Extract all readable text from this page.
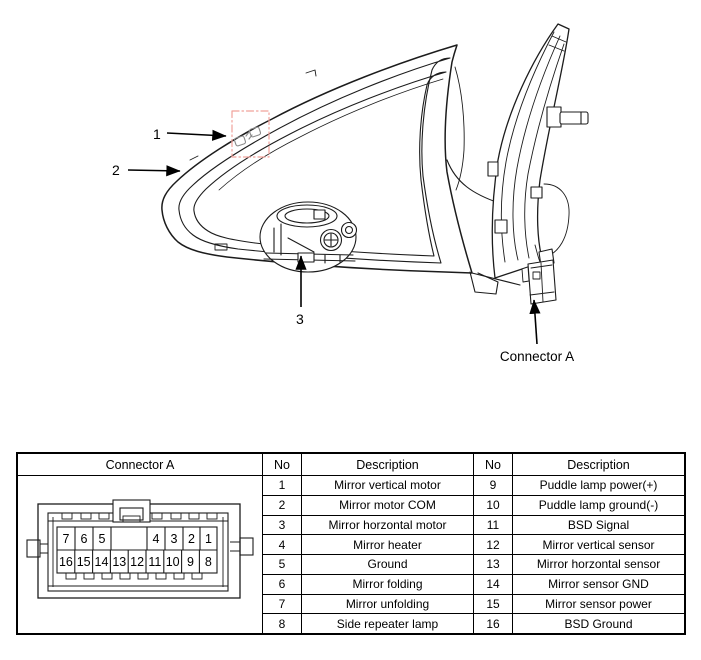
1
2
3
Connector A
Connector A
7 6 5	4 3 2 1
16 15 14 13 12 11 10 9 8
No	Description	No	Description
1	Mirror vertical motor	9	Puddle lamp power(+)
2	Mirror motor COM	10	Puddle lamp ground(-)
3	Mirror horzontal motor	11	BSD Signal
4	Mirror heater	12	Mirror vertical sensor
5	Ground	13	Mirror horzontal sensor
6	Mirror folding	14	Mirror sensor GND
7	Mirror unfolding	15	Mirror sensor power
8	Side repeater lamp	16	BSD Ground
